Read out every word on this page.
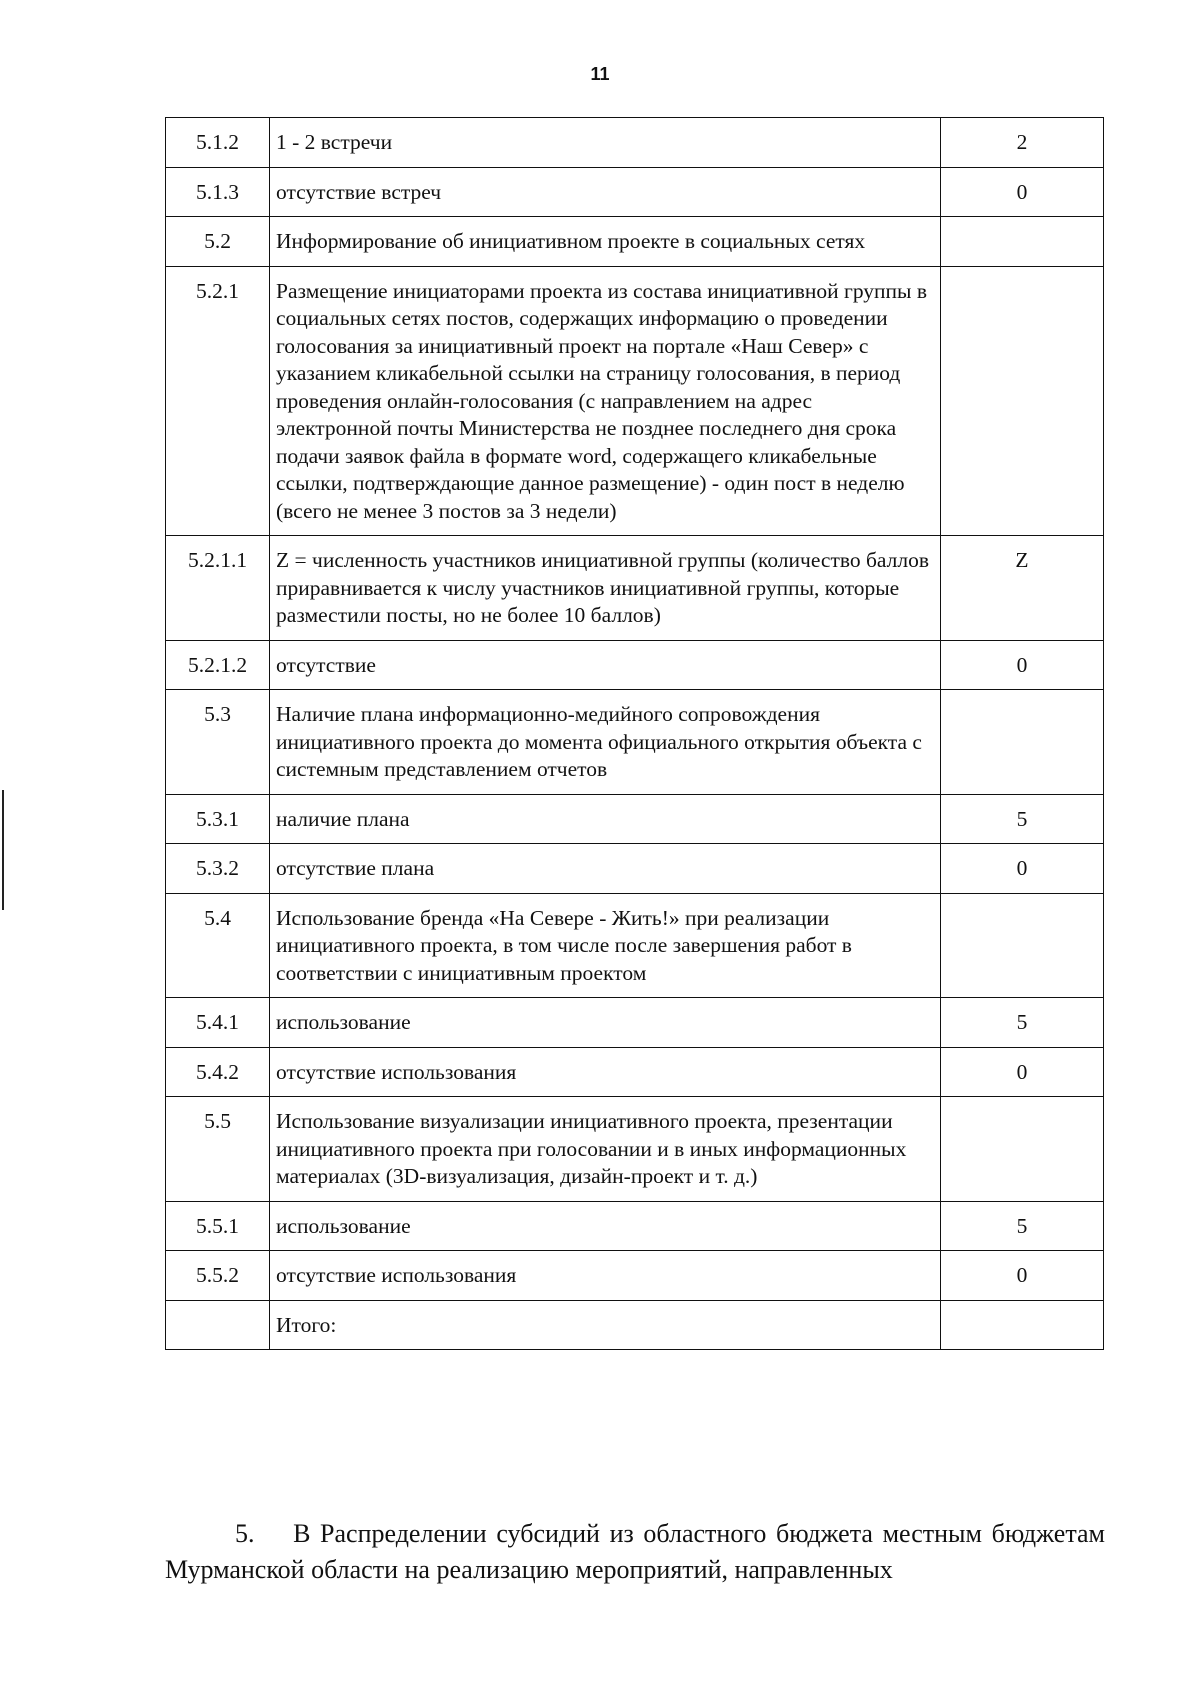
11
5.1.2	1 - 2 встречи	2
5.1.3	отсутствие встреч	0
5.2	Информирование об инициативном проекте в социальных сетях	
5.2.1	Размещение инициаторами проекта из состава инициативной группы в социальных сетях постов, содержащих информацию о проведении голосования за инициативный проект на портале «Наш Север» с указанием кликабельной ссылки на страницу голосования, в период проведения онлайн-голосования (с направлением на адрес электронной почты Министерства не позднее последнего дня срока подачи заявок файла в формате word, содержащего кликабельные ссылки, подтверждающие данное размещение) - один пост в неделю (всего не менее 3 постов за 3 недели)	
5.2.1.1	Z = численность участников инициативной группы (количество баллов приравнивается к числу участников инициативной группы, которые разместили посты, но не более 10 баллов)	Z
5.2.1.2	отсутствие	0
5.3	Наличие плана информационно-медийного сопровождения инициативного проекта до момента официального открытия объекта с системным представлением отчетов	
5.3.1	наличие плана	5
5.3.2	отсутствие плана	0
5.4	Использование бренда «На Севере - Жить!» при реализации инициативного проекта, в том числе после завершения работ в соответствии с инициативным проектом	
5.4.1	использование	5
5.4.2	отсутствие использования	0
5.5	Использование визуализации инициативного проекта, презентации инициативного проекта при голосовании и в иных информационных материалах (3D-визуализация, дизайн-проект и т. д.)	
5.5.1	использование	5
5.5.2	отсутствие использования	0
	Итого:	

5.    В Распределении субсидий из областного бюджета местным бюджетам Мурманской области на реализацию мероприятий, направленных
